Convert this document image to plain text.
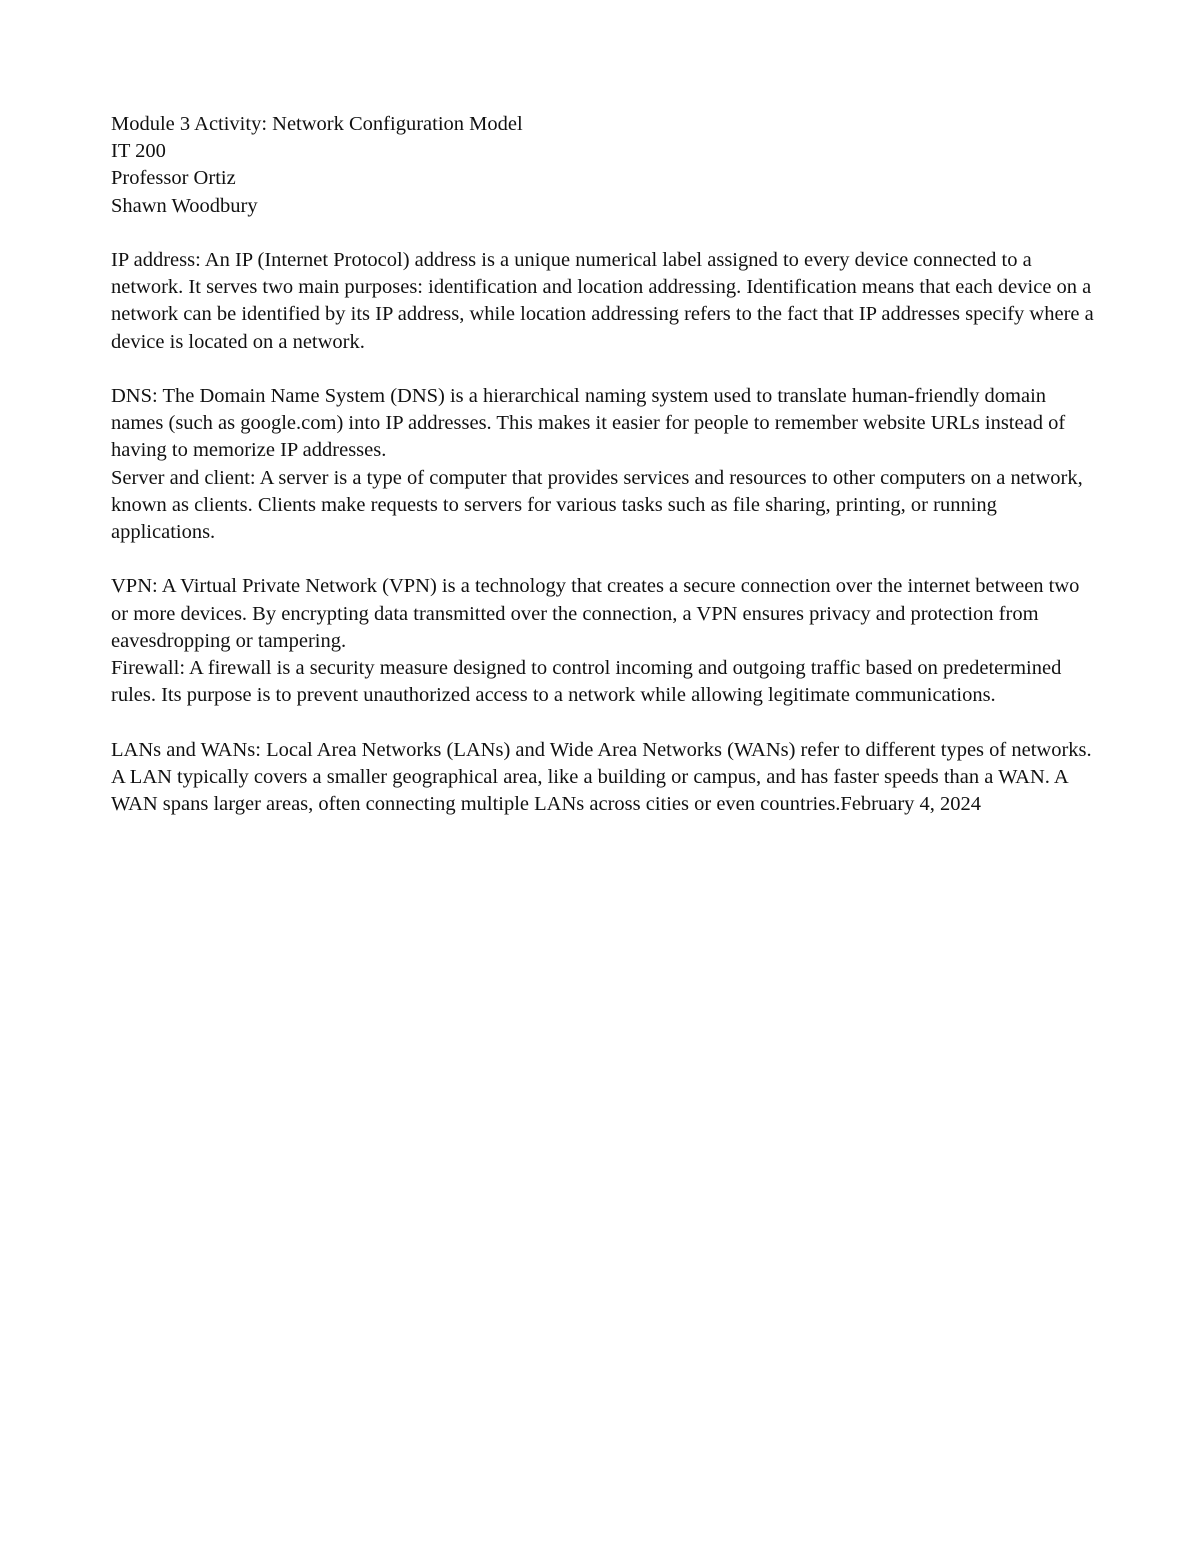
Module 3 Activity: Network Configuration Model
IT 200
Professor Ortiz
Shawn Woodbury

IP address: An IP (Internet Protocol) address is a unique numerical label assigned to every device connected to a network. It serves two main purposes: identification and location addressing. Identification means that each device on a network can be identified by its IP address, while location addressing refers to the fact that IP addresses specify where a device is located on a network.

DNS: The Domain Name System (DNS) is a hierarchical naming system used to translate human-friendly domain names (such as google.com) into IP addresses. This makes it easier for people to remember website URLs instead of having to memorize IP addresses.

Server and client: A server is a type of computer that provides services and resources to other computers on a network, known as clients. Clients make requests to servers for various tasks such as file sharing, printing, or running applications.

VPN: A Virtual Private Network (VPN) is a technology that creates a secure connection over the internet between two or more devices. By encrypting data transmitted over the connection, a VPN ensures privacy and protection from eavesdropping or tampering.

Firewall: A firewall is a security measure designed to control incoming and outgoing traffic based on predetermined rules. Its purpose is to prevent unauthorized access to a network while allowing legitimate communications.

LANs and WANs: Local Area Networks (LANs) and Wide Area Networks (WANs) refer to different types of networks. A LAN typically covers a smaller geographical area, like a building or campus, and has faster speeds than a WAN. A WAN spans larger areas, often connecting multiple LANs across cities or even countries.February 4, 2024
